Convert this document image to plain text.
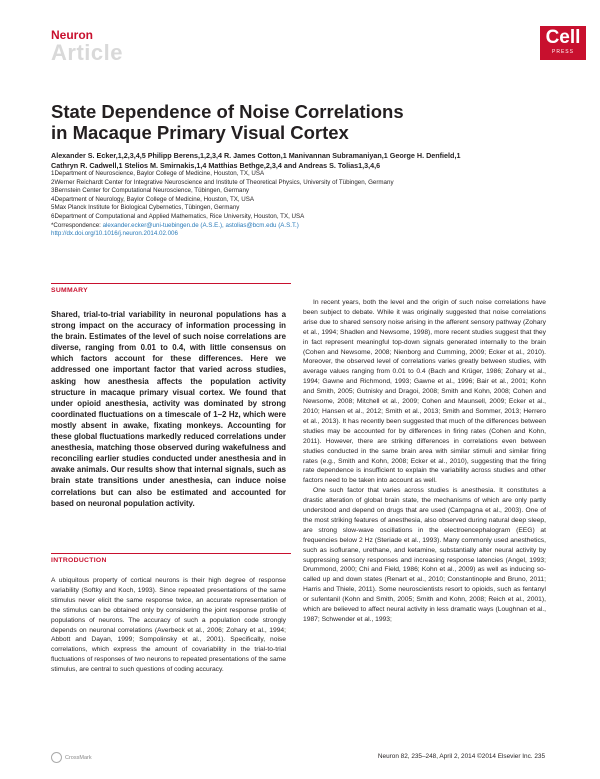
Neuron
Article
Cell
PRESS
State Dependence of Noise Correlations
in Macaque Primary Visual Cortex
Alexander S. Ecker,1,2,3,4,5 Philipp Berens,1,2,3,4 R. James Cotton,1 Manivannan Subramaniyan,1 George H. Denfield,1
Cathryn R. Cadwell,1 Stelios M. Smirnakis,1,4 Matthias Bethge,2,3,4 and Andreas S. Tolias1,3,4,6
1Department of Neuroscience, Baylor College of Medicine, Houston, TX, USA
2Werner Reichardt Center for Integrative Neuroscience and Institute of Theoretical Physics, University of Tübingen, Germany
3Bernstein Center for Computational Neuroscience, Tübingen, Germany
4Department of Neurology, Baylor College of Medicine, Houston, TX, USA
5Max Planck Institute for Biological Cybernetics, Tübingen, Germany
6Department of Computational and Applied Mathematics, Rice University, Houston, TX, USA
*Correspondence: alexander.ecker@uni-tuebingen.de (A.S.E.), astolias@bcm.edu (A.S.T.)
http://dx.doi.org/10.1016/j.neuron.2014.02.006
SUMMARY

Shared, trial-to-trial variability in neuronal populations has a strong impact on the accuracy of information processing in the brain. Estimates of the level of such noise correlations are diverse, ranging from 0.01 to 0.4, with little consensus on which factors account for these differences. Here we addressed one important factor that varied across studies, asking how anesthesia affects the population activity structure in macaque primary visual cortex. We found that under opioid anesthesia, activity was dominated by strong coordinated fluctuations on a timescale of 1–2 Hz, which were mostly absent in awake, fixating monkeys. Accounting for these global fluctuations markedly reduced correlations under anesthesia, matching those observed during wakefulness and reconciling earlier studies conducted under anesthesia and in awake animals. Our results show that internal signals, such as brain state transitions under anesthesia, can induce noise correlations but can also be estimated and accounted for based on neuronal population activity.

INTRODUCTION

A ubiquitous property of cortical neurons is their high degree of response variability (Softky and Koch, 1993). Since repeated presentations of the same stimulus never elicit the same response twice, an accurate representation of the stimulus can be obtained only by considering the joint response profile of populations of neurons. The accuracy of such a population code strongly depends on neuronal correlations (Averbeck et al., 2006; Zohary et al., 1994; Abbott and Dayan, 1999; Sompolinsky et al., 2001). Specifically, noise correlations, which express the amount of covariability in the trial-to-trial fluctuations of responses of two neurons to repeated presentations of the same stimulus, are central to such questions of coding accuracy.

In recent years, both the level and the origin of such noise correlations have been subject to debate. While it was originally suggested that noise correlations arise due to shared sensory noise arising in the afferent sensory pathway (Zohary et al., 1994; Shadlen and Newsome, 1998), more recent studies suggest that they in fact represent meaningful top-down signals generated internally to the brain (Cohen and Newsome, 2008; Nienborg and Cumming, 2009; Ecker et al., 2010). Moreover, the observed level of correlations varies greatly between studies, with average values ranging from 0.01 to 0.4 (Bach and Krüger, 1986; Zohary et al., 1994; Gawne and Richmond, 1993; Gawne et al., 1996; Bair et al., 2001; Kohn and Smith, 2005; Gutnisky and Dragoi, 2008; Smith and Kohn, 2008; Cohen and Newsome, 2008; Mitchell et al., 2009; Cohen and Maunsell, 2009; Ecker et al., 2010; Hansen et al., 2012; Smith et al., 2013; Smith and Sommer, 2013; Herrero et al., 2013). It has recently been suggested that much of the differences between studies may be accounted for by differences in firing rates (Cohen and Kohn, 2011). However, there are striking differences in correlations even between studies conducted in the same brain area with similar stimuli and similar firing rates (e.g., Smith and Kohn, 2008; Ecker et al., 2010), suggesting that the firing rate dependence is insufficient to explain the variability across studies and other factors need to be taken into account as well.

One such factor that varies across studies is anesthesia. It constitutes a drastic alteration of global brain state, the mechanisms of which are only partly understood and depend on drugs that are used (Campagna et al., 2003). One of the most striking features of anesthesia, also observed during natural deep sleep, are strong slow-wave oscillations in the electroencephalogram (EEG) at frequencies below 2 Hz (Steriade et al., 1993). Many commonly used anesthetics, such as isoflurane, urethane, and ketamine, substantially alter neural activity by suppressing sensory responses and increasing response latencies (Angel, 1993; Drummond, 2000; Chi and Field, 1986; Kohn et al., 2009) as well as inducing so-called up and down states (Renart et al., 2010; Constantinople and Bruno, 2011; Harris and Thiele, 2011). Some neuroscientists resort to opioids, such as fentanyl or sufentanil (Kohn and Smith, 2005; Smith and Kohn, 2008; Reich et al., 2001), which are believed to affect neural activity in less dramatic ways (Loughnan et al., 1987; Schwender et al., 1993;

CrossMark	Neuron 82, 235–248, April 2, 2014 ©2014 Elsevier Inc. 235
